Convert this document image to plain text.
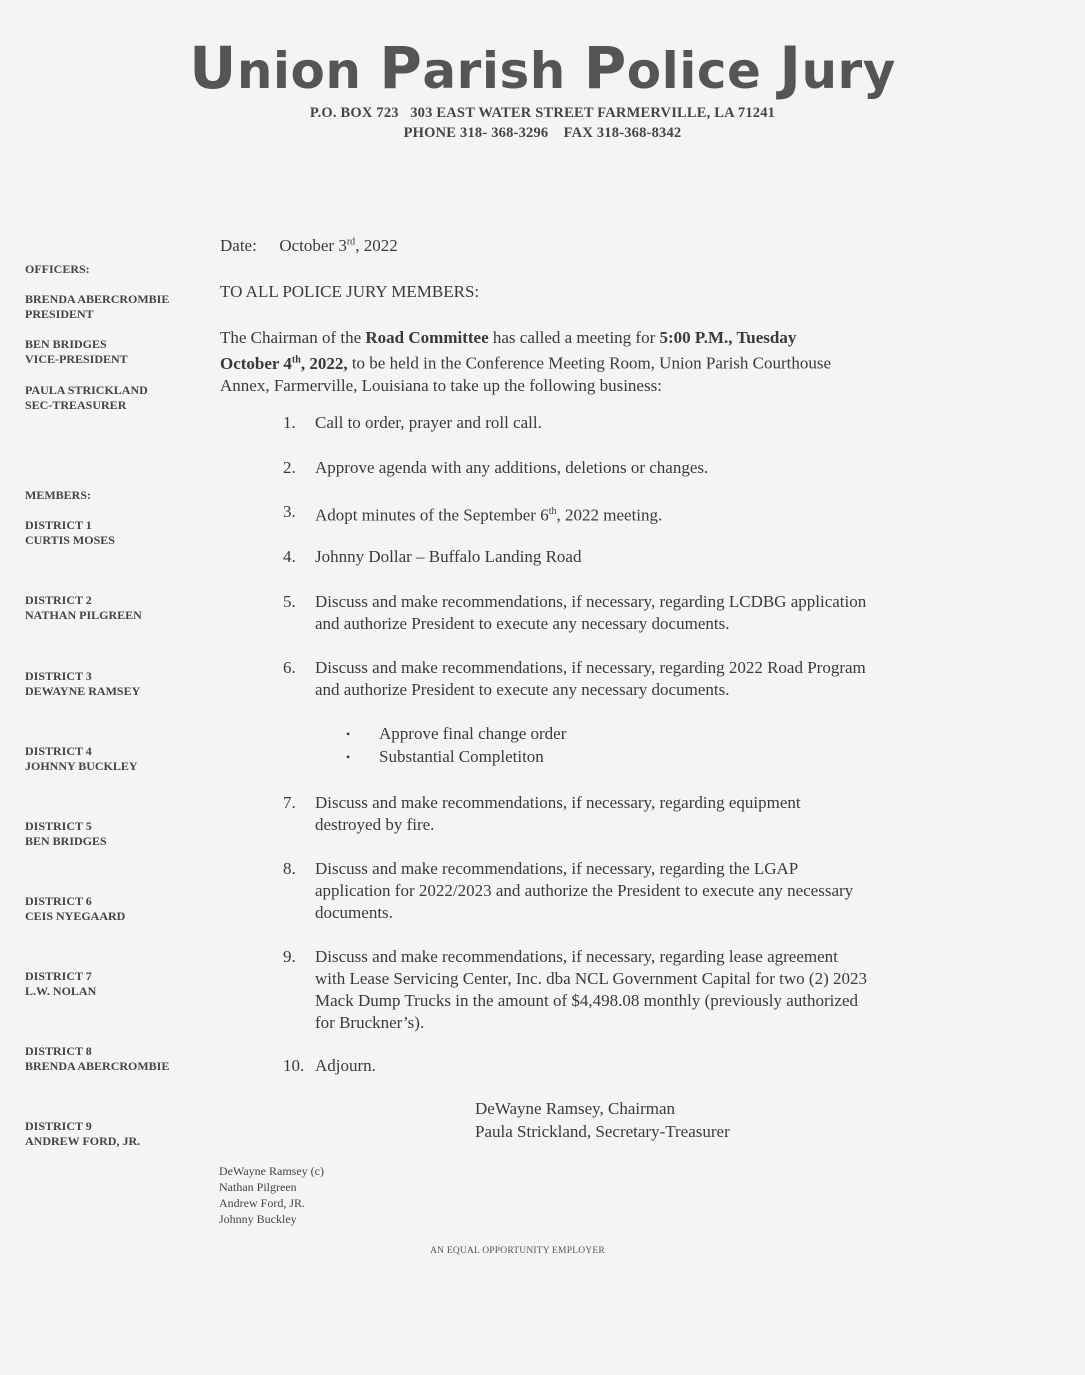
Union Parish Police Jury
P.O. BOX 723   303 EAST WATER STREET FARMERVILLE, LA 71241
PHONE 318- 368-3296    FAX 318-368-8342
OFFICERS:
BRENDA ABERCROMBIE
PRESIDENT
BEN BRIDGES
VICE-PRESIDENT
PAULA STRICKLAND
SEC-TREASURER
MEMBERS:
DISTRICT 1
CURTIS MOSES
DISTRICT 2
NATHAN PILGREEN
DISTRICT 3
DEWAYNE RAMSEY
DISTRICT 4
JOHNNY BUCKLEY
DISTRICT 5
BEN BRIDGES
DISTRICT 6
CEIS NYEGAARD
DISTRICT 7
L.W. NOLAN
DISTRICT 8
BRENDA ABERCROMBIE
DISTRICT 9
ANDREW FORD, JR.
Date: October 3rd, 2022
TO ALL POLICE JURY MEMBERS:
The Chairman of the Road Committee has called a meeting for 5:00 P.M., Tuesday
October 4th, 2022, to be held in the Conference Meeting Room, Union Parish Courthouse
Annex, Farmerville, Louisiana to take up the following business:
1. Call to order, prayer and roll call.
2. Approve agenda with any additions, deletions or changes.
3. Adopt minutes of the September 6th, 2022 meeting.
4. Johnny Dollar – Buffalo Landing Road
5. Discuss and make recommendations, if necessary, regarding LCDBG application
and authorize President to execute any necessary documents.
6. Discuss and make recommendations, if necessary, regarding 2022 Road Program
and authorize President to execute any necessary documents.
• Approve final change order
• Substantial Completiton
7. Discuss and make recommendations, if necessary, regarding equipment
destroyed by fire.
8. Discuss and make recommendations, if necessary, regarding the LGAP
application for 2022/2023 and authorize the President to execute any necessary
documents.
9. Discuss and make recommendations, if necessary, regarding lease agreement
with Lease Servicing Center, Inc. dba NCL Government Capital for two (2) 2023
Mack Dump Trucks in the amount of $4,498.08 monthly (previously authorized
for Bruckner’s).
10. Adjourn.
DeWayne Ramsey, Chairman
Paula Strickland, Secretary-Treasurer
DeWayne Ramsey (c)
Nathan Pilgreen
Andrew Ford, JR.
Johnny Buckley
AN EQUAL OPPORTUNITY EMPLOYER
